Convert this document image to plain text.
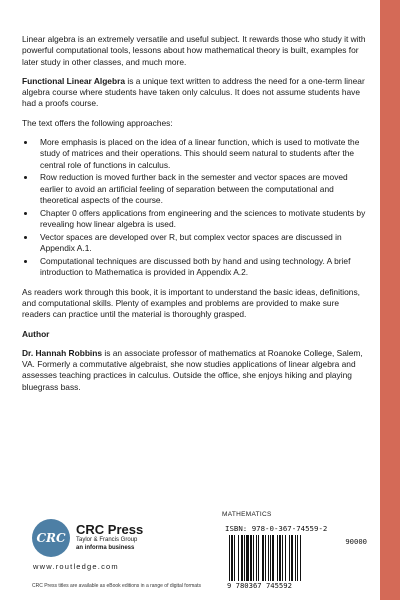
Linear algebra is an extremely versatile and useful subject. It rewards those who study it with powerful computational tools, lessons about how mathematical theory is built, examples for later study in other classes, and much more.

Functional Linear Algebra is a unique text written to address the need for a one-term linear algebra course where students have taken only calculus. It does not assume students have had a proofs course.

The text offers the following approaches:

• More emphasis is placed on the idea of a linear function, which is used to motivate the study of matrices and their operations. This should seem natural to students after the central role of functions in calculus.
• Row reduction is moved further back in the semester and vector spaces are moved earlier to avoid an artificial feeling of separation between the computational and theoretical aspects of the course.
• Chapter 0 offers applications from engineering and the sciences to motivate students by revealing how linear algebra is used.
• Vector spaces are developed over R, but complex vector spaces are discussed in Appendix A.1.
• Computational techniques are discussed both by hand and using technology. A brief introduction to Mathematica is provided in Appendix A.2.

As readers work through this book, it is important to understand the basic ideas, definitions, and computational skills. Plenty of examples and problems are provided to make sure readers can practice until the material is thoroughly grasped.

Author

Dr. Hannah Robbins is an associate professor of mathematics at Roanoke College, Salem, VA. Formerly a commutative algebraist, she now studies applications of linear algebra and assesses teaching practices in calculus. Outside the office, she enjoys hiking and playing bluegrass bass.

CRC
CRC Press
Taylor & Francis Group
an informa business
www.routledge.com
CRC Press titles are available as eBook editions in a range of digital formats
MATHEMATICS
ISBN: 978-0-367-74559-2
90000
9 780367 745592
